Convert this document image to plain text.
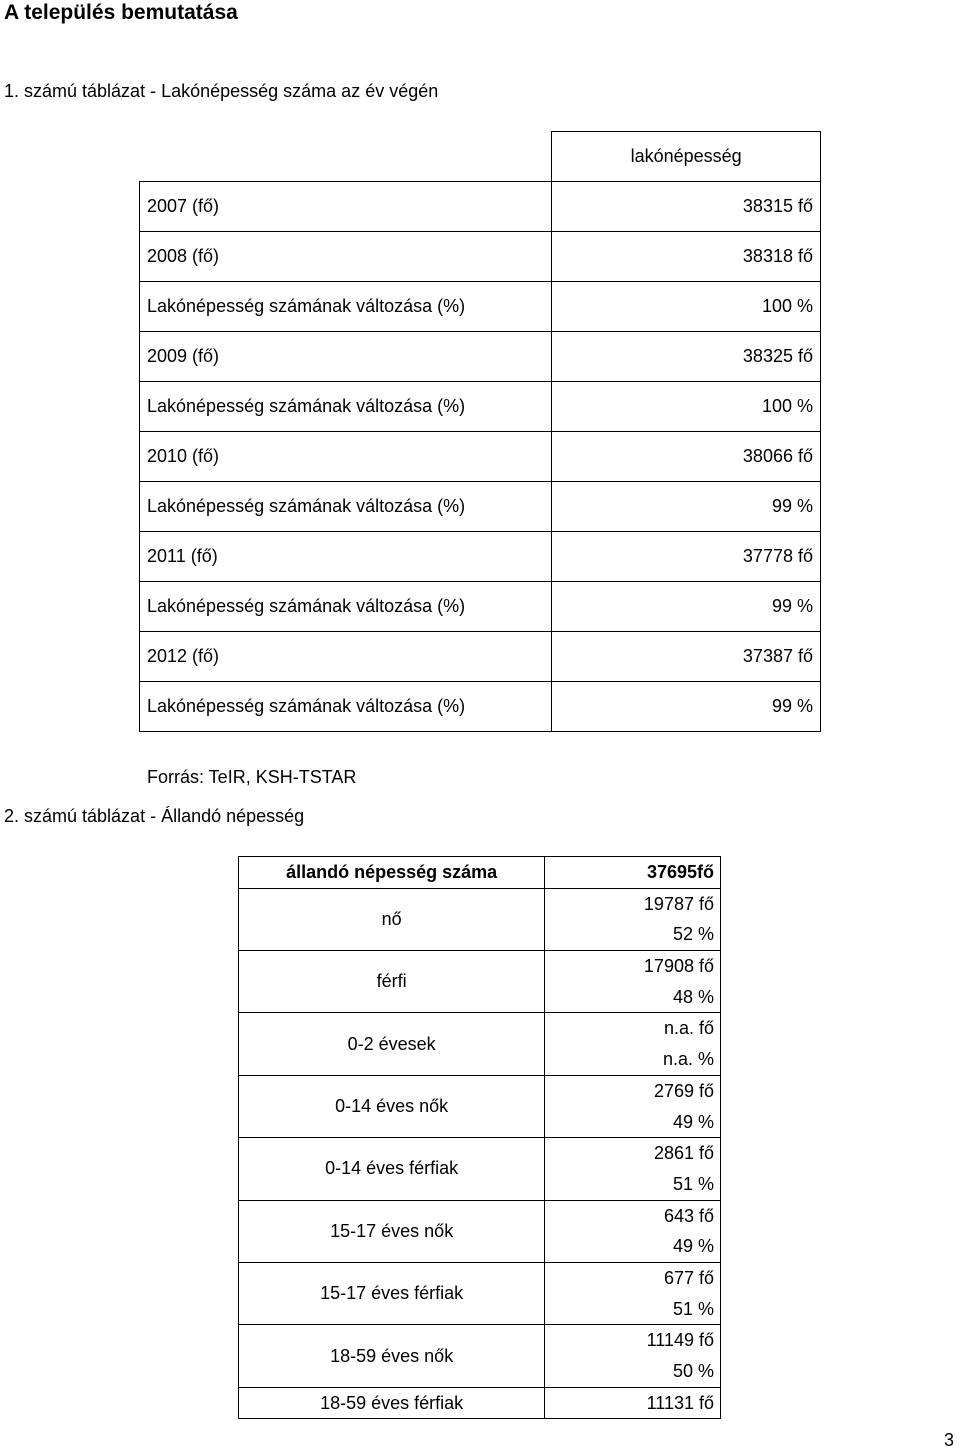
A település bemutatása
1. számú táblázat - Lakónépesség száma az év végén
	lakónépesség
2007 (fő)	38315 fő
2008 (fő)	38318 fő
Lakónépesség számának változása (%)	100 %
2009 (fő)	38325 fő
Lakónépesség számának változása (%)	100 %
2010 (fő)	38066 fő
Lakónépesség számának változása (%)	99 %
2011 (fő)	37778 fő
Lakónépesség számának változása (%)	99 %
2012 (fő)	37387 fő
Lakónépesség számának változása (%)	99 %
Forrás: TeIR, KSH-TSTAR
2. számú táblázat - Állandó népesség
állandó népesség száma	37695fő

nő	19787 fő
52 %

férfi	17908 fő
48 %

0-2 évesek	n.a. fő
n.a. %

0-14 éves nők	2769 fő
49 %

0-14 éves férfiak	2861 fő
51 %

15-17 éves nők	643 fő
49 %

15-17 éves férfiak	677 fő
51 %

18-59 éves nők	11149 fő
50 %

18-59 éves férfiak	11131 fő
3
